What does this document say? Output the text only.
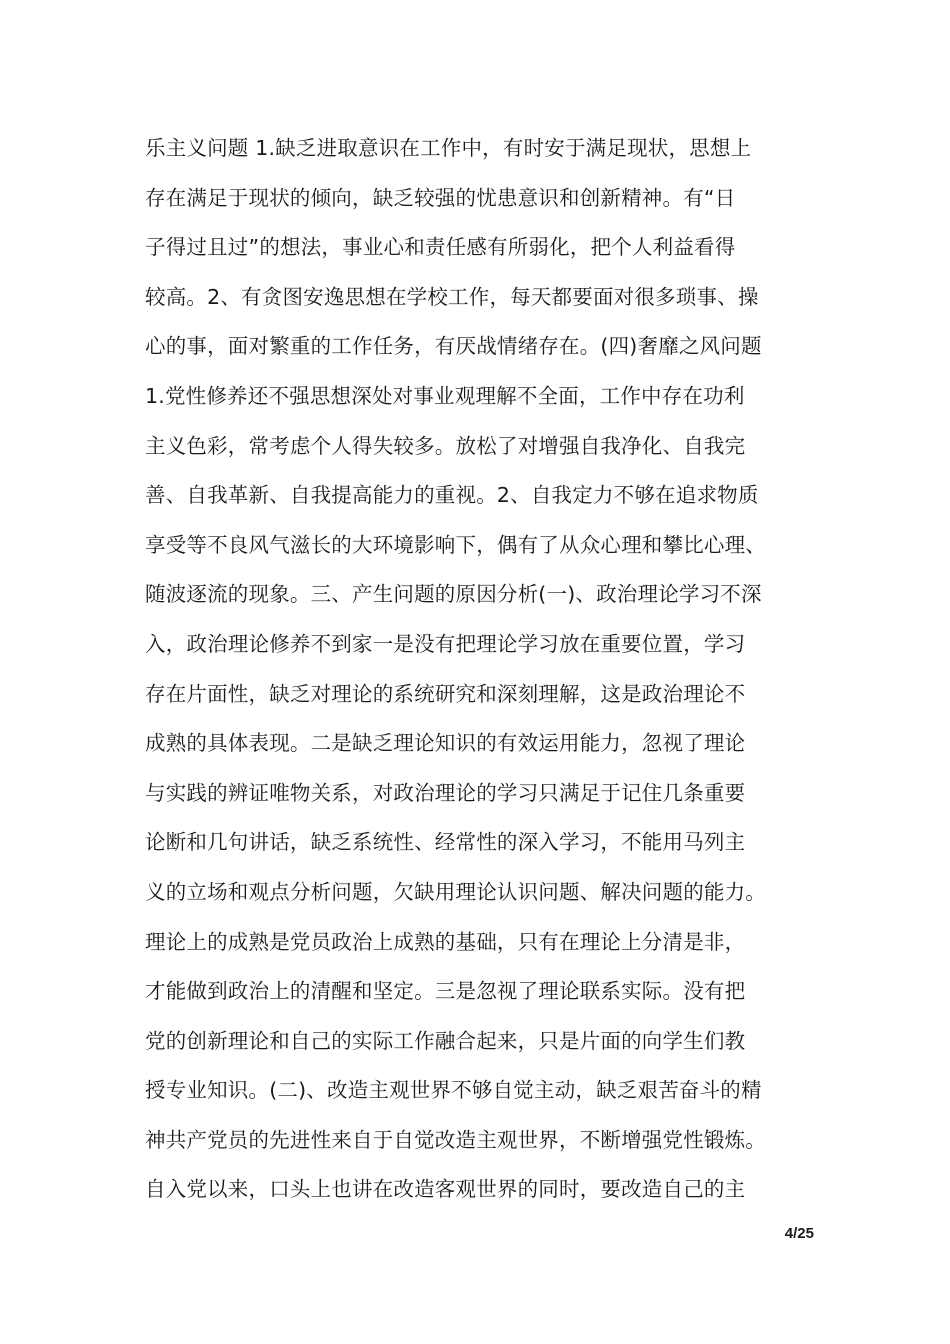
乐主义问题 1.缺乏进取意识在工作中，有时安于满足现状，思想上
存在满足于现状的倾向，缺乏较强的忧患意识和创新精神。有“日
子得过且过”的想法，事业心和责任感有所弱化，把个人利益看得
较高。2、有贪图安逸思想在学校工作，每天都要面对很多琐事、操
心的事，面对繁重的工作任务，有厌战情绪存在。(四)奢靡之风问题
1.党性修养还不强思想深处对事业观理解不全面，工作中存在功利
主义色彩，常考虑个人得失较多。放松了对增强自我净化、自我完
善、自我革新、自我提高能力的重视。2、自我定力不够在追求物质
享受等不良风气滋长的大环境影响下，偶有了从众心理和攀比心理、
随波逐流的现象。三、产生问题的原因分析(一)、政治理论学习不深
入，政治理论修养不到家一是没有把理论学习放在重要位置，学习
存在片面性，缺乏对理论的系统研究和深刻理解，这是政治理论不
成熟的具体表现。二是缺乏理论知识的有效运用能力，忽视了理论
与实践的辨证唯物关系，对政治理论的学习只满足于记住几条重要
论断和几句讲话，缺乏系统性、经常性的深入学习，不能用马列主
义的立场和观点分析问题，欠缺用理论认识问题、解决问题的能力。
理论上的成熟是党员政治上成熟的基础，只有在理论上分清是非，
才能做到政治上的清醒和坚定。三是忽视了理论联系实际。没有把
党的创新理论和自己的实际工作融合起来，只是片面的向学生们教
授专业知识。(二)、改造主观世界不够自觉主动，缺乏艰苦奋斗的精
神共产党员的先进性来自于自觉改造主观世界，不断增强党性锻炼。
自入党以来，口头上也讲在改造客观世界的同时，要改造自己的主
4/25
